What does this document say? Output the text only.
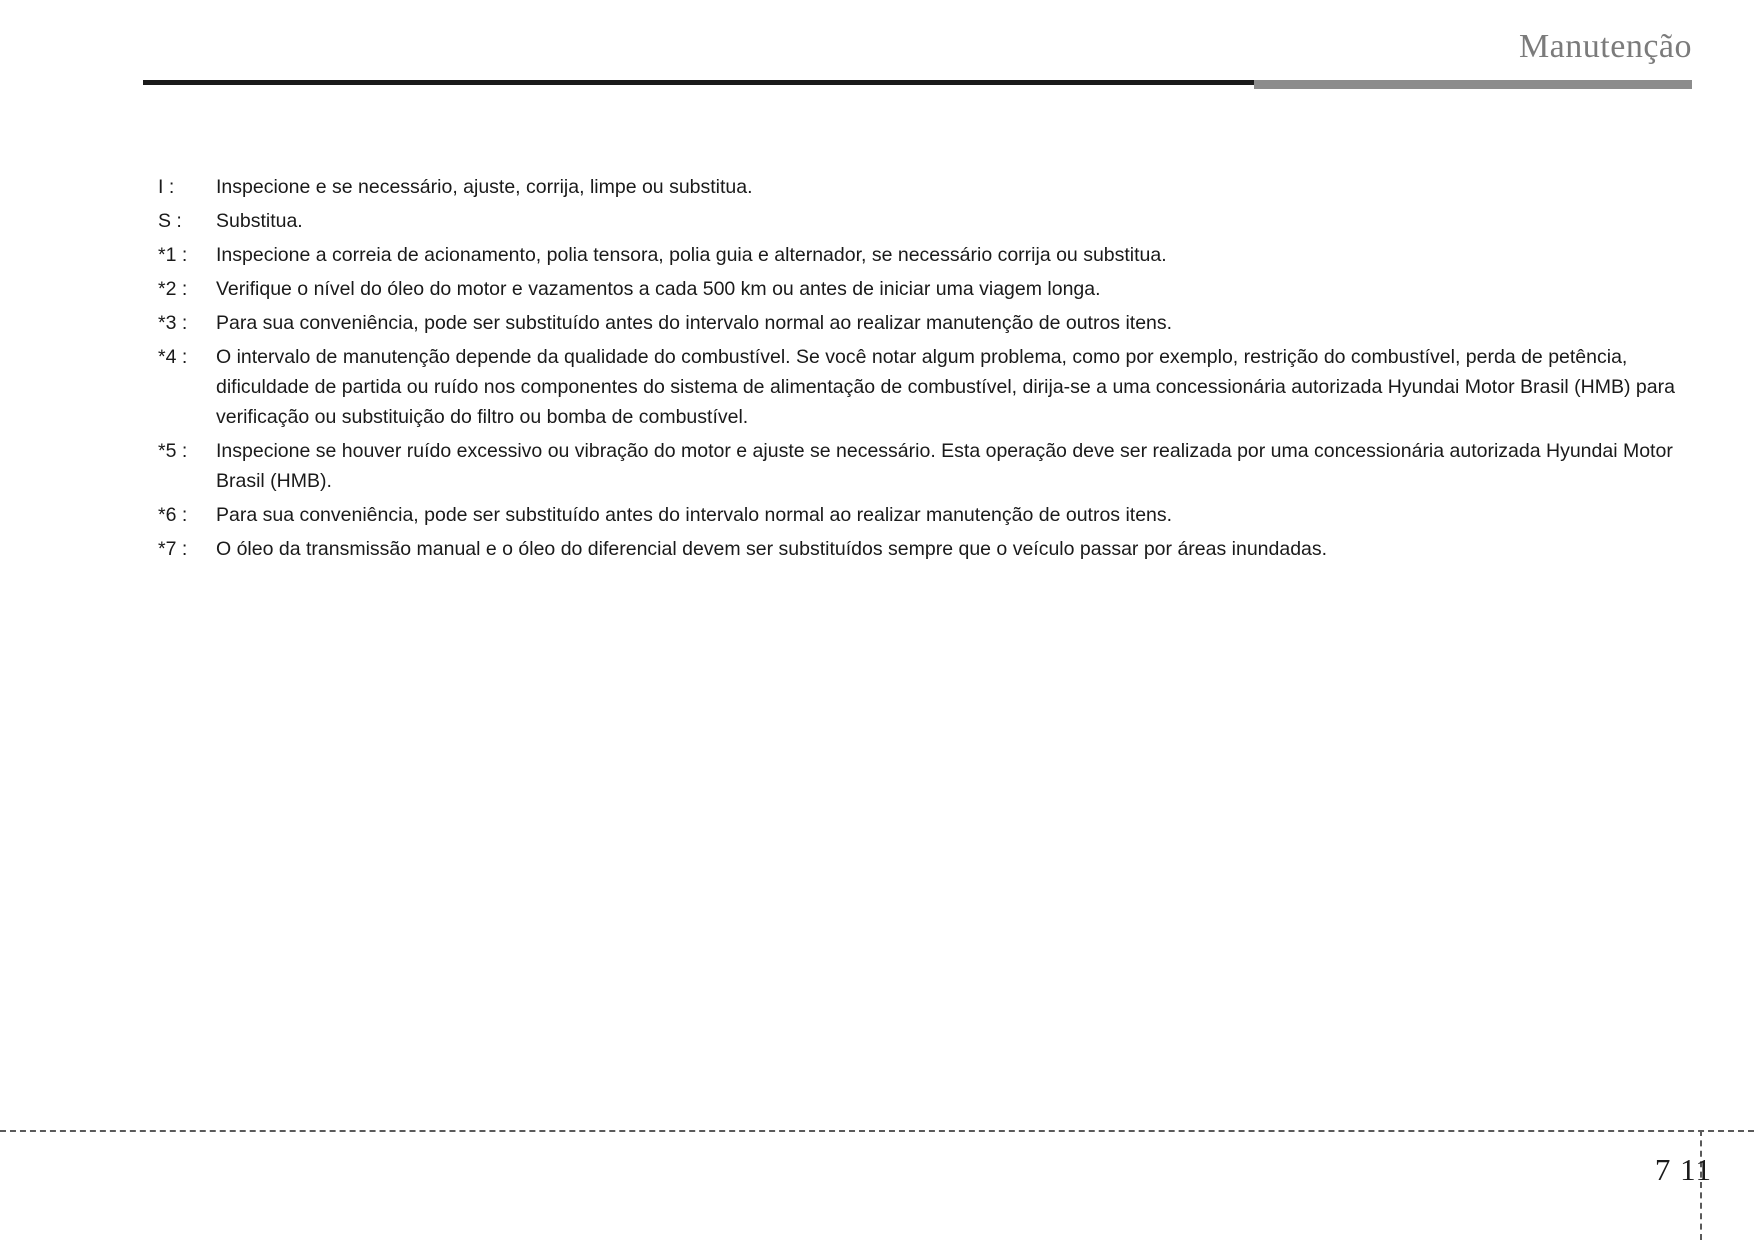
Manutenção
I :	Inspecione e se necessário, ajuste, corrija, limpe ou substitua.
S :	Substitua.
*1 :	Inspecione a correia de acionamento, polia tensora, polia guia e alternador, se necessário corrija ou substitua.
*2 :	Verifique o nível do óleo do motor e vazamentos a cada 500 km ou antes de iniciar uma viagem longa.
*3 :	Para sua conveniência, pode ser substituído antes do intervalo normal ao realizar manutenção de outros itens.
*4 :	O intervalo de manutenção depende da qualidade do combustível. Se você notar algum problema, como por exemplo, restrição do combustível, perda de petência, dificuldade de partida ou ruído nos componentes do sistema de alimentação de combustível, dirija-se a uma concessionária autorizada Hyundai Motor Brasil (HMB) para verificação ou substituição do filtro ou bomba de combustível.
*5 :	Inspecione se houver ruído excessivo ou vibração do motor e ajuste se necessário. Esta operação deve ser realizada por uma concessionária autorizada Hyundai Motor Brasil (HMB).
*6 :	Para sua conveniência, pode ser substituído antes do intervalo normal ao realizar manutenção de outros itens.
*7 :	O óleo da transmissão manual e o óleo do diferencial devem ser substituídos sempre que o veículo passar por áreas inundadas.
7 11
